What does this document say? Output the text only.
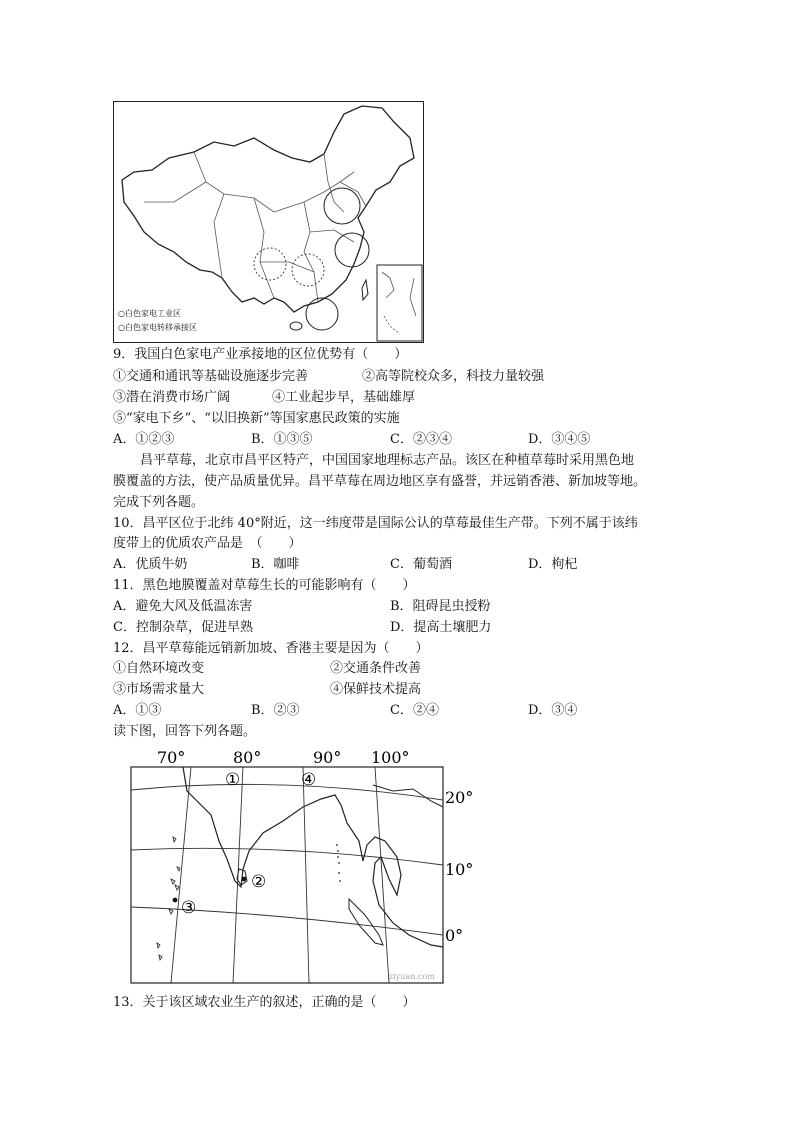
○白色家电工业区
○白色家电转移承接区
9．我国白色家电产业承接地的区位优势有（　　）
①交通和通讯等基础设施逐步完善	②高等院校众多，科技力量较强
③潜在消费市场广阔	④工业起步早，基础雄厚
⑤“家电下乡”、“以旧换新”等国家惠民政策的实施
A．①②③	B．①③⑤	C．②③④	D．③④⑤
昌平草莓，北京市昌平区特产，中国国家地理标志产品。该区在种植草莓时采用黑色地
膜覆盖的方法，使产品质量优异。昌平草莓在周边地区享有盛誉，并远销香港、新加坡等地。
完成下列各题。
10．昌平区位于北纬 40°附近，这一纬度带是国际公认的草莓最佳生产带。下列不属于该纬
度带上的优质农产品是　（　　）
A．优质牛奶	B．咖啡	C．葡萄酒	D．枸杞
11．黑色地膜覆盖对草莓生长的可能影响有（　　）
A．避免大风及低温冻害	B．阻碍昆虫授粉
C．控制杂草，促进早熟	D．提高土壤肥力
12．昌平草莓能远销新加坡、香港主要是因为（　　）
①自然环境改变	②交通条件改善
③市场需求量大	④保鲜技术提高
A．①③	B．②③	C．②④	D．③④
读下图，回答下列各题。
①
②
③
④
70°	80°	90° 100°
20°
10°
0°
ziyuan.com
13．关于该区域农业生产的叙述，正确的是（　　）
